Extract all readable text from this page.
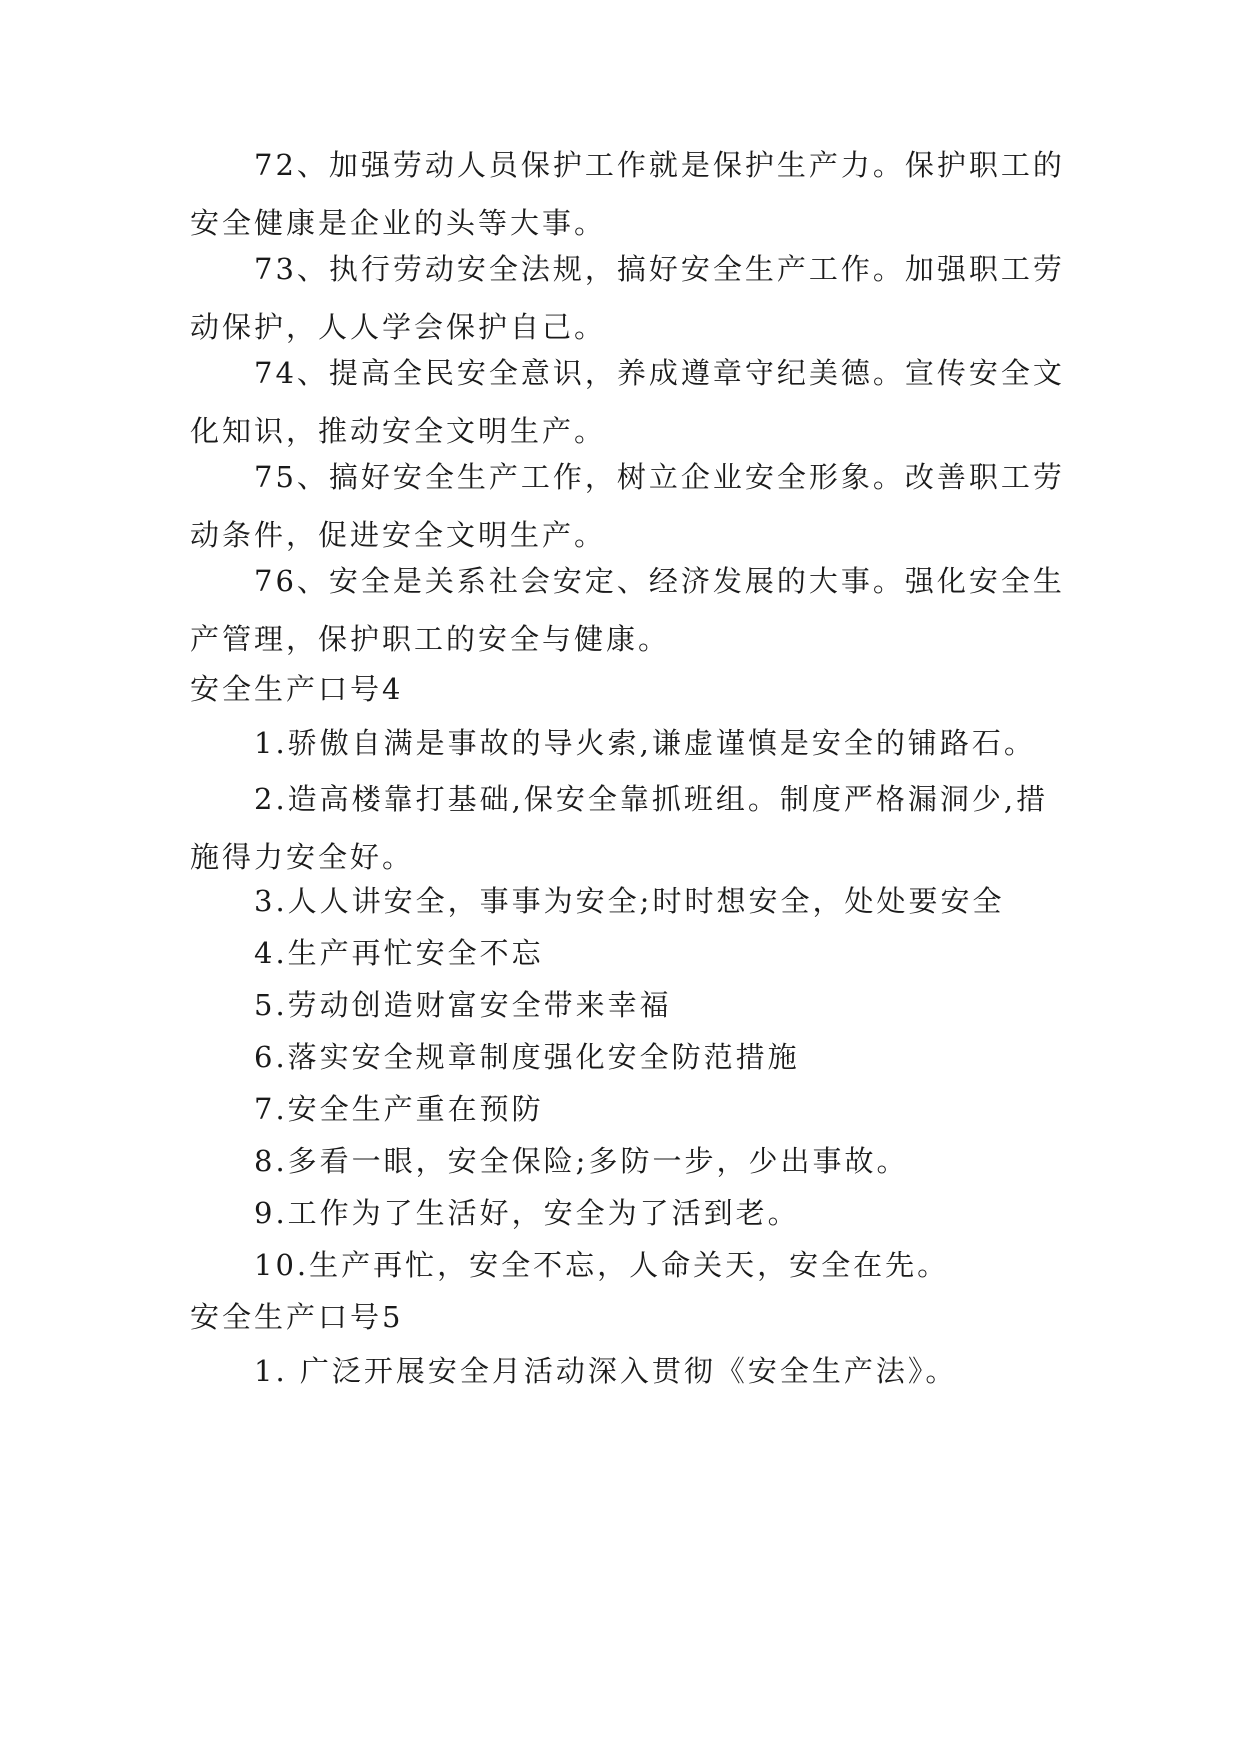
72、加强劳动人员保护工作就是保护生产力。保护职工的安全健康是企业的头等大事。

73、执行劳动安全法规，搞好安全生产工作。加强职工劳动保护，人人学会保护自己。

74、提高全民安全意识，养成遵章守纪美德。宣传安全文化知识，推动安全文明生产。

75、搞好安全生产工作，树立企业安全形象。改善职工劳动条件，促进安全文明生产。

76、安全是关系社会安定、经济发展的大事。强化安全生产管理，保护职工的安全与健康。

安全生产口号4

1.骄傲自满是事故的导火索,谦虚谨慎是安全的铺路石。

2.造高楼靠打基础,保安全靠抓班组。制度严格漏洞少,措施得力安全好。

3.人人讲安全，事事为安全;时时想安全，处处要安全

4.生产再忙安全不忘

5.劳动创造财富安全带来幸福

6.落实安全规章制度强化安全防范措施

7.安全生产重在预防

8.多看一眼，安全保险;多防一步，少出事故。

9.工作为了生活好，安全为了活到老。

10.生产再忙，安全不忘，人命关天，安全在先。

安全生产口号5

1. 广泛开展安全月活动深入贯彻《安全生产法》。
